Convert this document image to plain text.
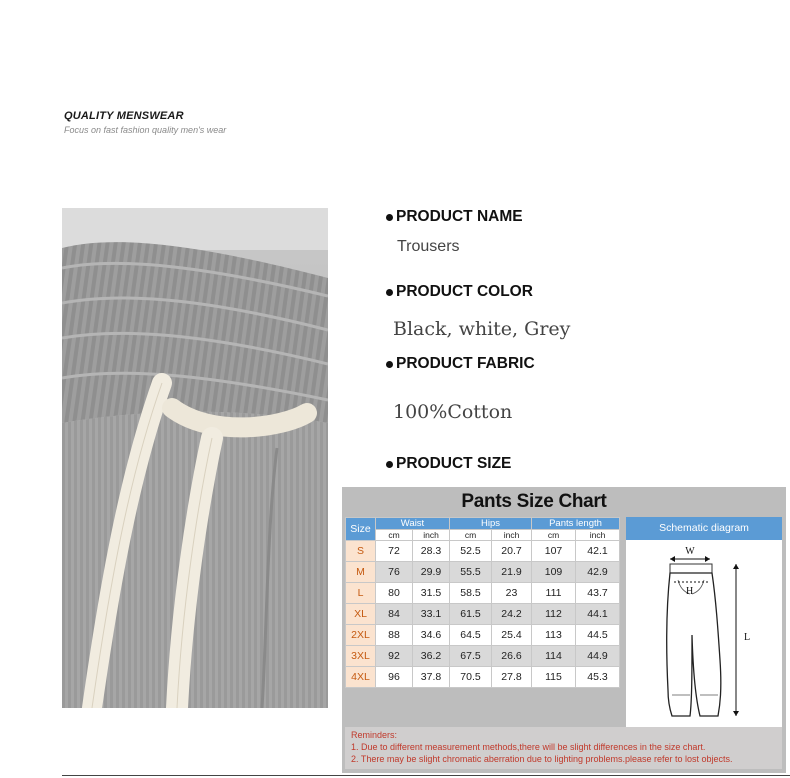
QUALITY MENSWEAR
Focus on fast fashion quality men's wear
PRODUCT NAME
Trousers
PRODUCT COLOR
Black, white, Grey
PRODUCT FABRIC
100%Cotton
PRODUCT SIZE
Pants Size Chart
Size	Waist		Hips		Pants length	
	cm	inch	cm	inch	cm	inch
S	72	28.3	52.5	20.7	107	42.1
M	76	29.9	55.5	21.9	109	42.9
L	80	31.5	58.5	23	111	43.7
XL	84	33.1	61.5	24.2	112	44.1
2XL	88	34.6	64.5	25.4	113	44.5
3XL	92	36.2	67.5	26.6	114	44.9
4XL	96	37.8	70.5	27.8	115	45.3
Schematic diagram
W
H
L
Reminders:
1. Due to different measurement methods,there will be slight differences in the size chart.
2. There may be slight chromatic aberration due to lighting problems.please refer to lost objects.
